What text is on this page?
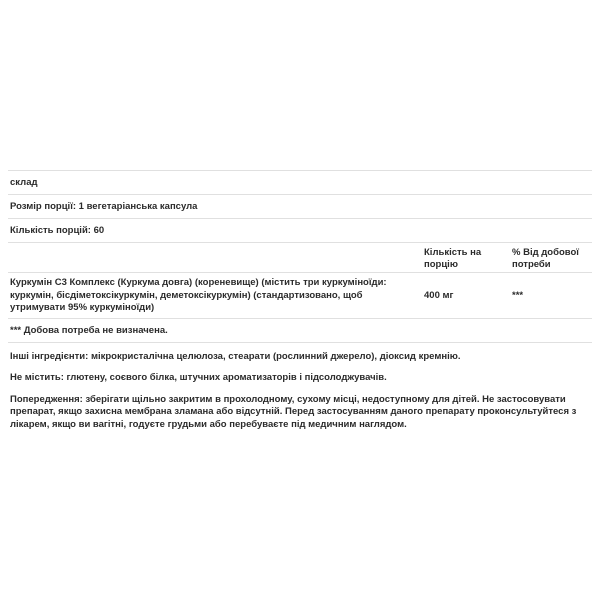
склад
Розмір порції: 1 вегетаріанська капсула
Кількість порцій: 60
Кількість на порцію
% Від добової потреби
Куркумін C3 Комплекс (Куркума довга) (кореневище) (містить три куркуміноїди: куркумін, бісдіметоксікуркумін, деметоксікуркумін) (стандартизовано, щоб утримувати 95% куркуміноїди)
400 мг	***
*** Добова потреба не визначена.

Інші інгредієнти: мікрокристалічна целюлоза, стеарати (рослинний джерело), діоксид кремнію.

Не містить: глютену, соєвого білка, штучних ароматизаторів і підсолоджувачів.

Попередження: зберігати щільно закритим в прохолодному, сухому місці, недоступному для дітей. Не застосовувати препарат, якщо захисна мембрана зламана або відсутній. Перед застосуванням даного препарату проконсультуйтеся з лікарем, якщо ви вагітні, годуєте грудьми або перебуваєте під медичним наглядом.
